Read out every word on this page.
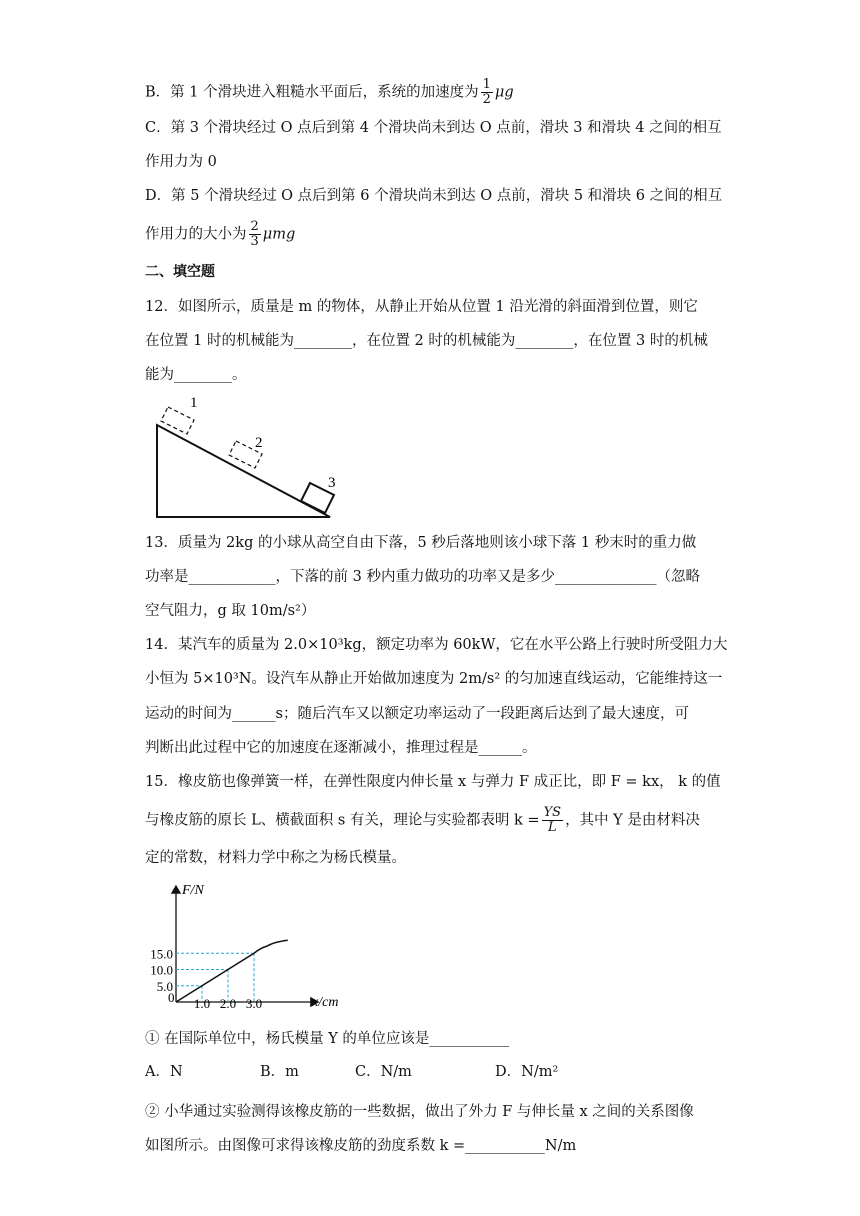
B．第 1 个滑块进入粗糙水平面后，系统的加速度为 $\frac{1}{2}$ μg
C．第 3 个滑块经过 O 点后到第 4 个滑块尚未到达 O 点前，滑块 3 和滑块 4 之间的相互
作用力为 0
D．第 5 个滑块经过 O 点后到第 6 个滑块尚未到达 O 点前，滑块 5 和滑块 6 之间的相互
作用力的大小为 $\frac{2}{3}$ μmg
二、填空题
12．如图所示，质量是 m 的物体，从静止开始从位置 1 沿光滑的斜面滑到位置，则它
在位置 1 时的机械能为________，在位置 2 时的机械能为________，在位置 3 时的机械
能为________。
1
2
3
13．质量为 2kg 的小球从高空自由下落，5 秒后落地则该小球下落 1 秒末时的重力做
功率是____________，下落的前 3 秒内重力做功的功率又是多少______________（忽略
空气阻力，g 取 10m/s²）
14．某汽车的质量为 2.0×10³kg，额定功率为 60kW，它在水平公路上行驶时所受阻力大
小恒为 5×10³N。设汽车从静止开始做加速度为 2m/s² 的匀加速直线运动，它能维持这一
运动的时间为______s；随后汽车又以额定功率运动了一段距离后达到了最大速度，可
判断出此过程中它的加速度在逐渐减小，推理过程是______。
15．橡皮筋也像弹簧一样，在弹性限度内伸长量 x 与弹力 F 成正比，即 F = kx， k 的值
与橡皮筋的原长 L、横截面积 s 有关，理论与实验都表明 $k = \frac{YS}{L}$ ，其中 Y 是由材料决
定的常数，材料力学中称之为杨氏模量。
F/N
x/cm
0
5.0
10.0
15.0
1.0 2.0 3.0
① 在国际单位中，杨氏模量 Y 的单位应该是___________
A．N	B．m	C．N/m	D．N/m²
② 小华通过实验测得该橡皮筋的一些数据，做出了外力 F 与伸长量 x 之间的关系图像
如图所示。由图像可求得该橡皮筋的劲度系数 k =___________N/m
